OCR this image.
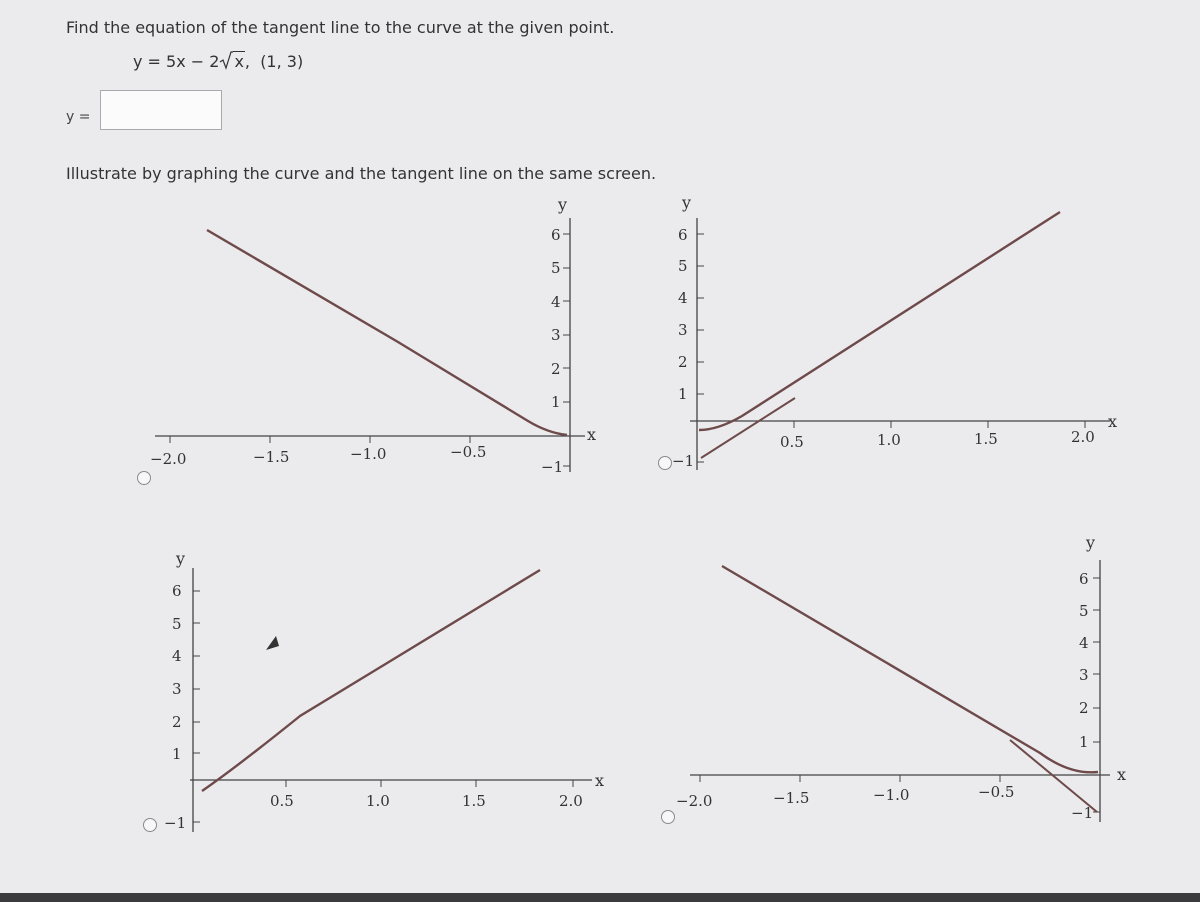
Find the equation of the tangent line to the curve at the given point.
y = 5x − 2 x,  (1, 3)
y =
Illustrate by graphing the curve and the tangent line on the same screen.
y
x
−2.0	−1.5	−1.0	−0.5
6
5
4
3
2
1
−1
y
x
0.5	1.0	1.5	2.0
6
5
4
3
2
1
−1
y
x
0.5	1.0	1.5	2.0
6
5
4
3
2
1
−1
y
x
−2.0	−1.5	−1.0	−0.5
6
5
4
3
2
1
−1
